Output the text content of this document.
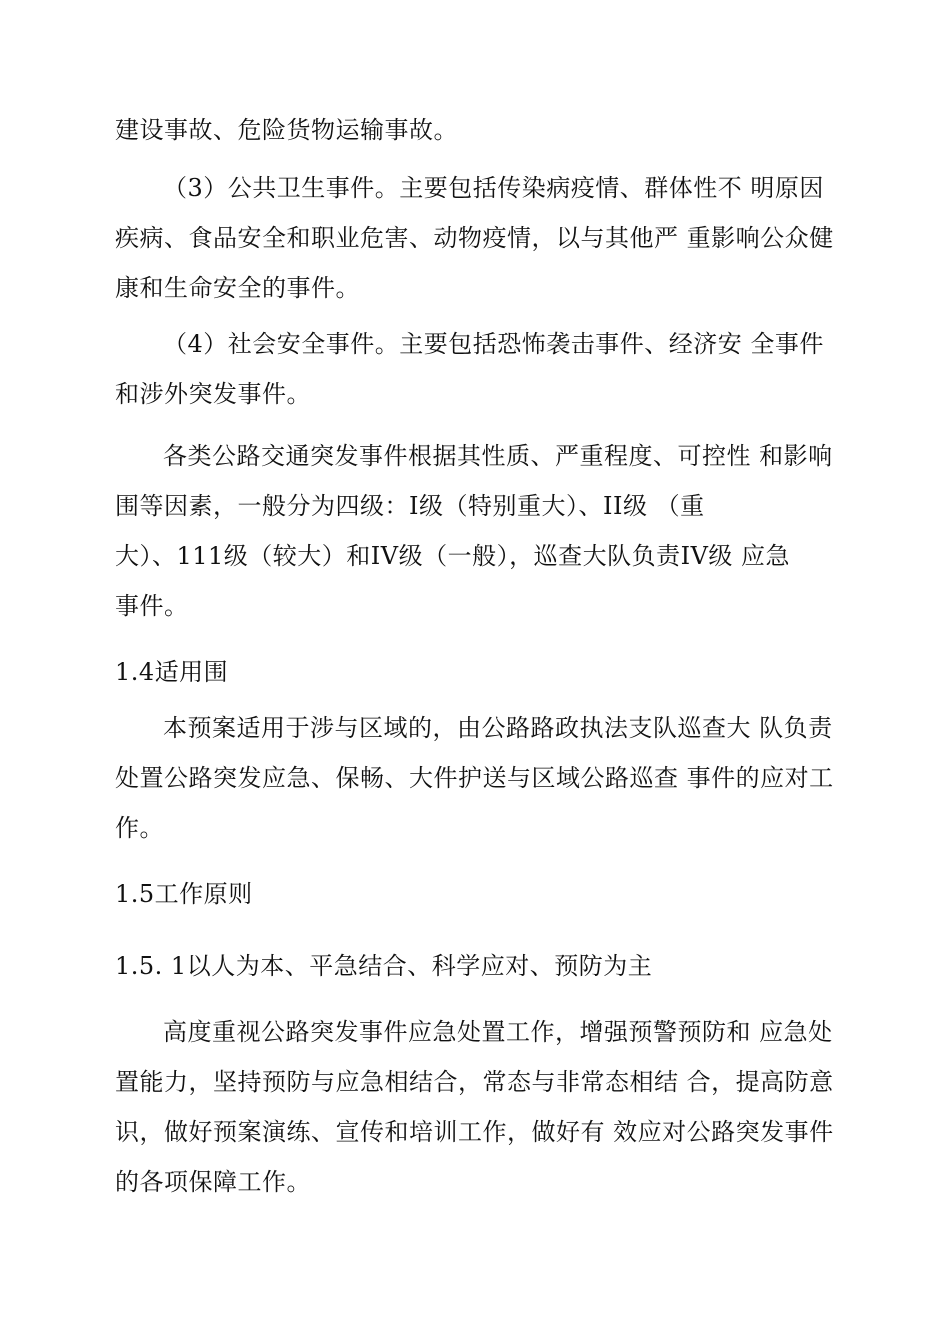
建设事故、危险货物运输事故。
（3）公共卫生事件。主要包括传染病疫情、群体性不 明原因
疾病、食品安全和职业危害、动物疫情，以与其他严 重影响公众健
康和生命安全的事件。
（4）社会安全事件。主要包括恐怖袭击事件、经济安 全事件
和涉外突发事件。
各类公路交通突发事件根据其性质、严重程度、可控性 和影响
围等因素，一般分为四级：I级（特别重大）、II级 （重
大）、111级（较大）和IV级（一般），巡查大队负责IV级 应急
事件。
1.4适用围
本预案适用于涉与区域的，由公路路政执法支队巡查大 队负责
处置公路突发应急、保畅、大件护送与区域公路巡查 事件的应对工
作。
1.5工作原则
1.5. 1以人为本、平急结合、科学应对、预防为主
高度重视公路突发事件应急处置工作，增强预警预防和 应急处
置能力，坚持预防与应急相结合，常态与非常态相结 合，提高防意
识，做好预案演练、宣传和培训工作，做好有 效应对公路突发事件
的各项保障工作。
